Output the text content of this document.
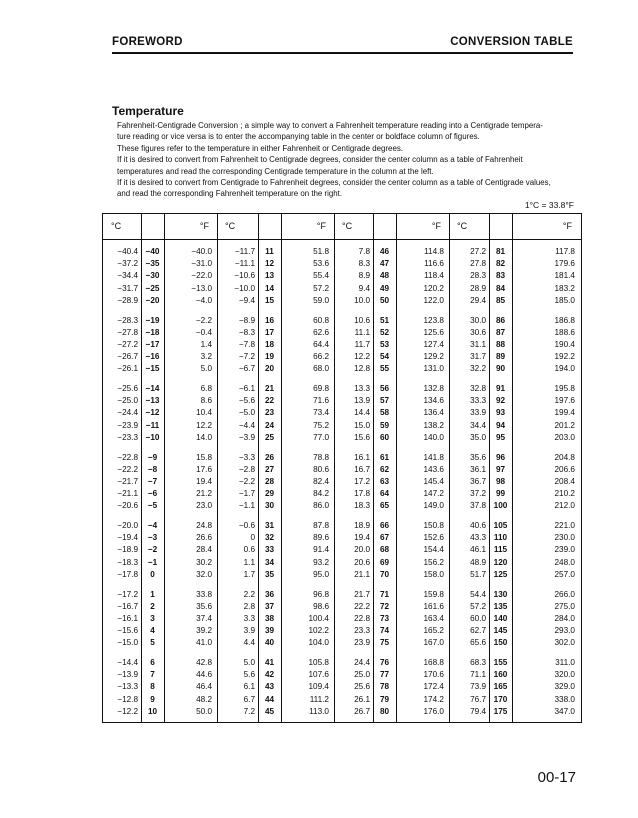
FOREWORD	CONVERSION TABLE
Temperature

Fahrenheit-Centigrade Conversion ; a simple way to convert a Fahrenheit temperature reading into a Centigrade tempera-

ture reading or vice versa is to enter the accompanying table in the center or boldface column of figures.

These figures refer to the temperature in either Fahrenheit or Centigrade degrees.

If it is desired to convert from Fahrenheit to Centigrade degrees, consider the center column as a table of Fahrenheit

temperatures and read the corresponding Centigrade temperature in the column at the left.

If it is desired to convert from Centigrade to Fahrenheit degrees, consider the center column as a table of Centigrade values,

and read the corresponding Fahrenheit temperature on the right.

1°C = 33.8°F
°C	°F	°C	°F	°C	°F	°C	°F
−40.4 −40	−40.0	−11.7	11	51.8	7.8	46	114.8	27.2	81	117.8
−37.2 −35	−31.0	−11.1	12	53.6	8.3	47	116.6	27.8	82	179.6
−34.4 −30	−22.0	−10.6	13	55.4	8.9	48	118.4	28.3	83	181.4
−31.7 −25	−13.0	−10.0	14	57.2	9.4	49	120.2	28.9	84	183.2
−28.9 −20	−4.0	−9.4	15	59.0	10.0	50	122.0	29.4	85	185.0
−28.3 −19	−2.2	−8.9	16	60.8	10.6	51	123.8	30.0	86	186.8
−27.8 −18	−0.4	−8.3	17	62.6	11.1	52	125.6	30.6	87	188.6
−27.2 −17	1.4	−7.8	18	64.4	11.7	53	127.4	31.1	88	190.4
−26.7 −16	3.2	−7.2	19	66.2	12.2	54	129.2	31.7	89	192.2
−26.1 −15	5.0	−6.7	20	68.0	12.8	55	131.0	32.2	90	194.0
−25.6 −14	6.8	−6.1	21	69.8	13.3	56	132.8	32.8	91	195.8
−25.0 −13	8.6	−5.6	22	71.6	13.9	57	134.6	33.3	92	197.6
−24.4 −12	10.4	−5.0	23	73.4	14.4	58	136.4	33.9	93	199.4
−23.9 −11	12.2	−4.4	24	75.2	15.0	59	138.2	34.4	94	201.2
−23.3 −10	14.0	−3.9	25	77.0	15.6	60	140.0	35.0	95	203.0
−22.8	−9	15.8	−3.3	26	78.8	16.1	61	141.8	35.6	96	204.8
−22.2	−8	17.6	−2.8	27	80.6	16.7	62	143.6	36.1	97	206.6
−21.7	−7	19.4	−2.2	28	82.4	17.2	63	145.4	36.7	98	208.4
−21.1	−6	21.2	−1.7	29	84.2	17.8	64	147.2	37.2	99	210.2
−20.6	−5	23.0	−1.1	30	86.0	18.3	65	149.0	37.8 100	212.0
−20.0	−4	24.8	−0.6	31	87.8	18.9	66	150.8	40.6 105	221.0
−19.4	−3	26.6	0	32	89.6	19.4	67	152.6	43.3 110	230.0
−18.9	−2	28.4	0.6	33	91.4	20.0	68	154.4	46.1 115	239.0
−18.3	−1	30.2	1.1	34	93.2	20.6	69	156.2	48.9 120	248.0
−17.8	0	32.0	1.7	35	95.0	21.1	70	158.0	51.7 125	257.0
−17.2	1	33.8	2.2	36	96.8	21.7	71	159.8	54.4 130	266.0
−16.7	2	35.6	2.8	37	98.6	22.2	72	161.6	57.2 135	275.0
−16.1	3	37.4	3.3	38	100.4	22.8	73	163.4	60.0 140	284.0
−15.6	4	39.2	3.9	39	102.2	23.3	74	165.2	62.7 145	293.0
−15.0	5	41.0	4.4	40	104.0	23.9	75	167.0	65.6 150	302.0
−14.4	6	42.8	5.0	41	105.8	24.4	76	168.8	68.3 155	311.0
−13.9	7	44.6	5.6	42	107.6	25.0	77	170.6	71.1 160	320.0
−13.3	8	46.4	6.1	43	109.4	25.6	78	172.4	73.9 165	329.0
−12.8	9	48.2	6.7	44	111.2	26.1	79	174.2	76.7 170	338.0
−12.2	10	50.0	7.2	45	113.0	26.7	80	176.0	79.4 175	347.0
00-17
